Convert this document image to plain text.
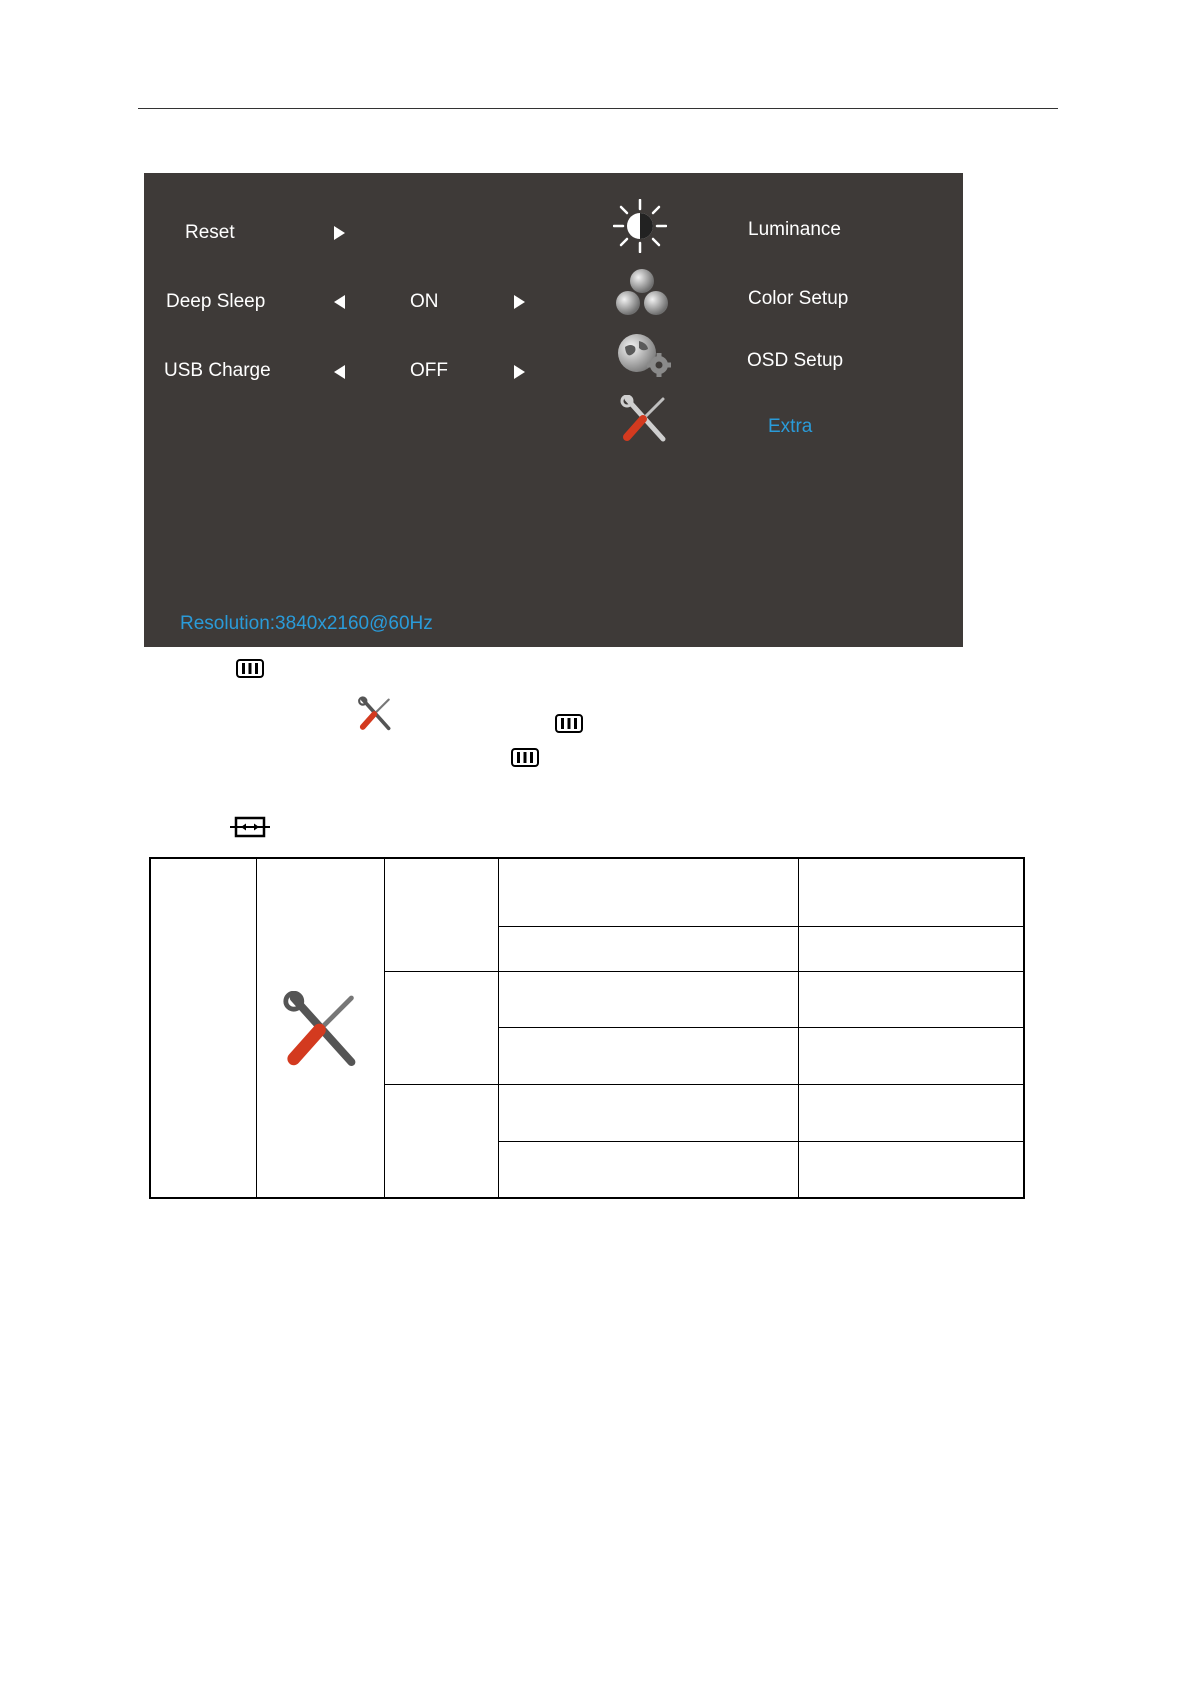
Reset
Deep Sleep	ON
USB Charge	OFF
Luminance
Color Setup
OSD Setup
Extra
Resolution:3840x2160@60Hz
